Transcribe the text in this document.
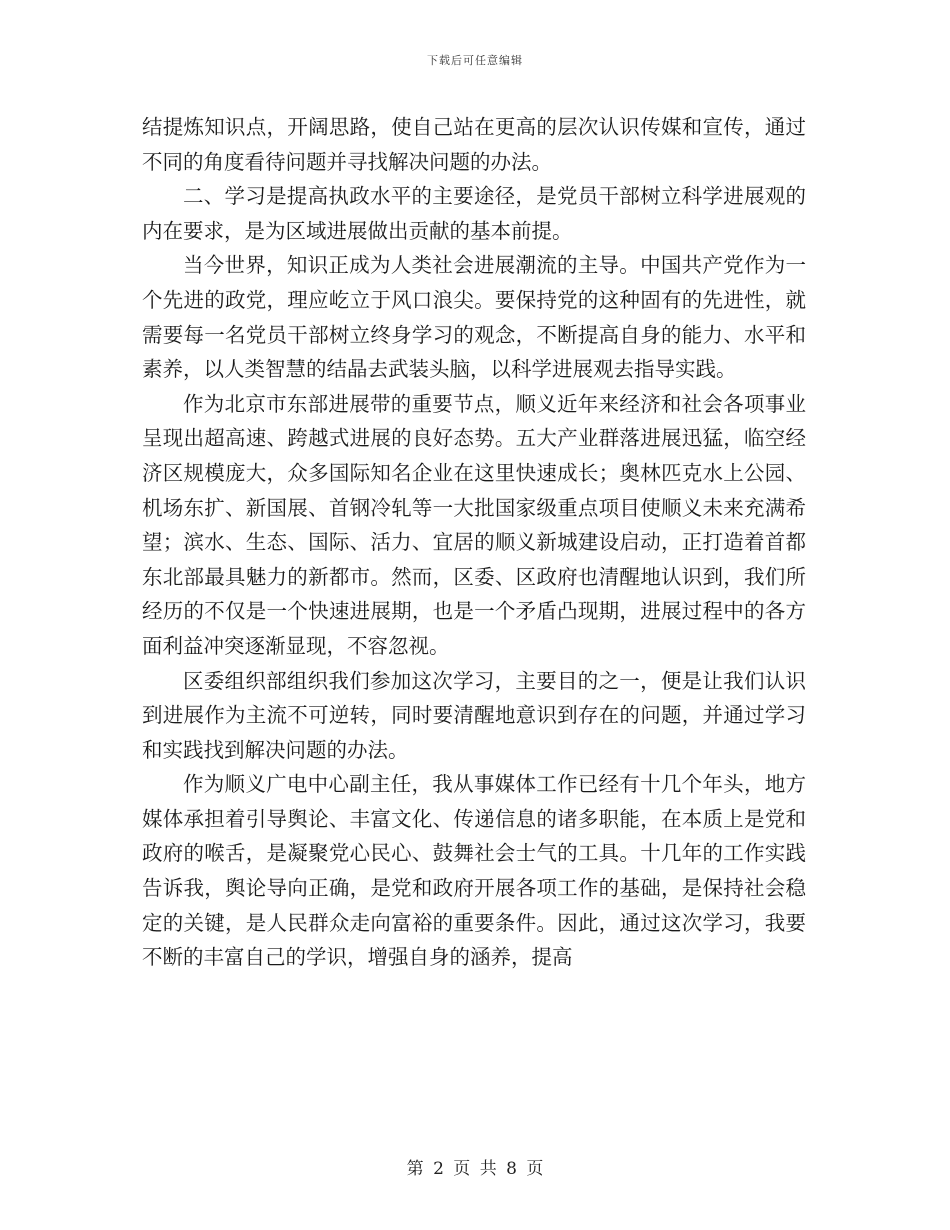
下载后可任意编辑

结提炼知识点，开阔思路，使自己站在更高的层次认识传媒和宣传，通过不同的角度看待问题并寻找解决问题的办法。

二、学习是提高执政水平的主要途径，是党员干部树立科学进展观的内在要求，是为区域进展做出贡献的基本前提。

当今世界，知识正成为人类社会进展潮流的主导。中国共产党作为一个先进的政党，理应屹立于风口浪尖。要保持党的这种固有的先进性，就需要每一名党员干部树立终身学习的观念，不断提高自身的能力、水平和素养，以人类智慧的结晶去武装头脑，以科学进展观去指导实践。

作为北京市东部进展带的重要节点，顺义近年来经济和社会各项事业呈现出超高速、跨越式进展的良好态势。五大产业群落进展迅猛，临空经济区规模庞大，众多国际知名企业在这里快速成长；奥林匹克水上公园、机场东扩、新国展、首钢冷轧等一大批国家级重点项目使顺义未来充满希望；滨水、生态、国际、活力、宜居的顺义新城建设启动，正打造着首都东北部最具魅力的新都市。然而，区委、区政府也清醒地认识到，我们所经历的不仅是一个快速进展期，也是一个矛盾凸现期，进展过程中的各方面利益冲突逐渐显现，不容忽视。

区委组织部组织我们参加这次学习，主要目的之一，便是让我们认识到进展作为主流不可逆转，同时要清醒地意识到存在的问题，并通过学习和实践找到解决问题的办法。

作为顺义广电中心副主任，我从事媒体工作已经有十几个年头，地方媒体承担着引导舆论、丰富文化、传递信息的诸多职能，在本质上是党和政府的喉舌，是凝聚党心民心、鼓舞社会士气的工具。十几年的工作实践告诉我，舆论导向正确，是党和政府开展各项工作的基础，是保持社会稳定的关键，是人民群众走向富裕的重要条件。因此，通过这次学习，我要不断的丰富自己的学识，增强自身的涵养，提高

第 2 页 共 8 页
